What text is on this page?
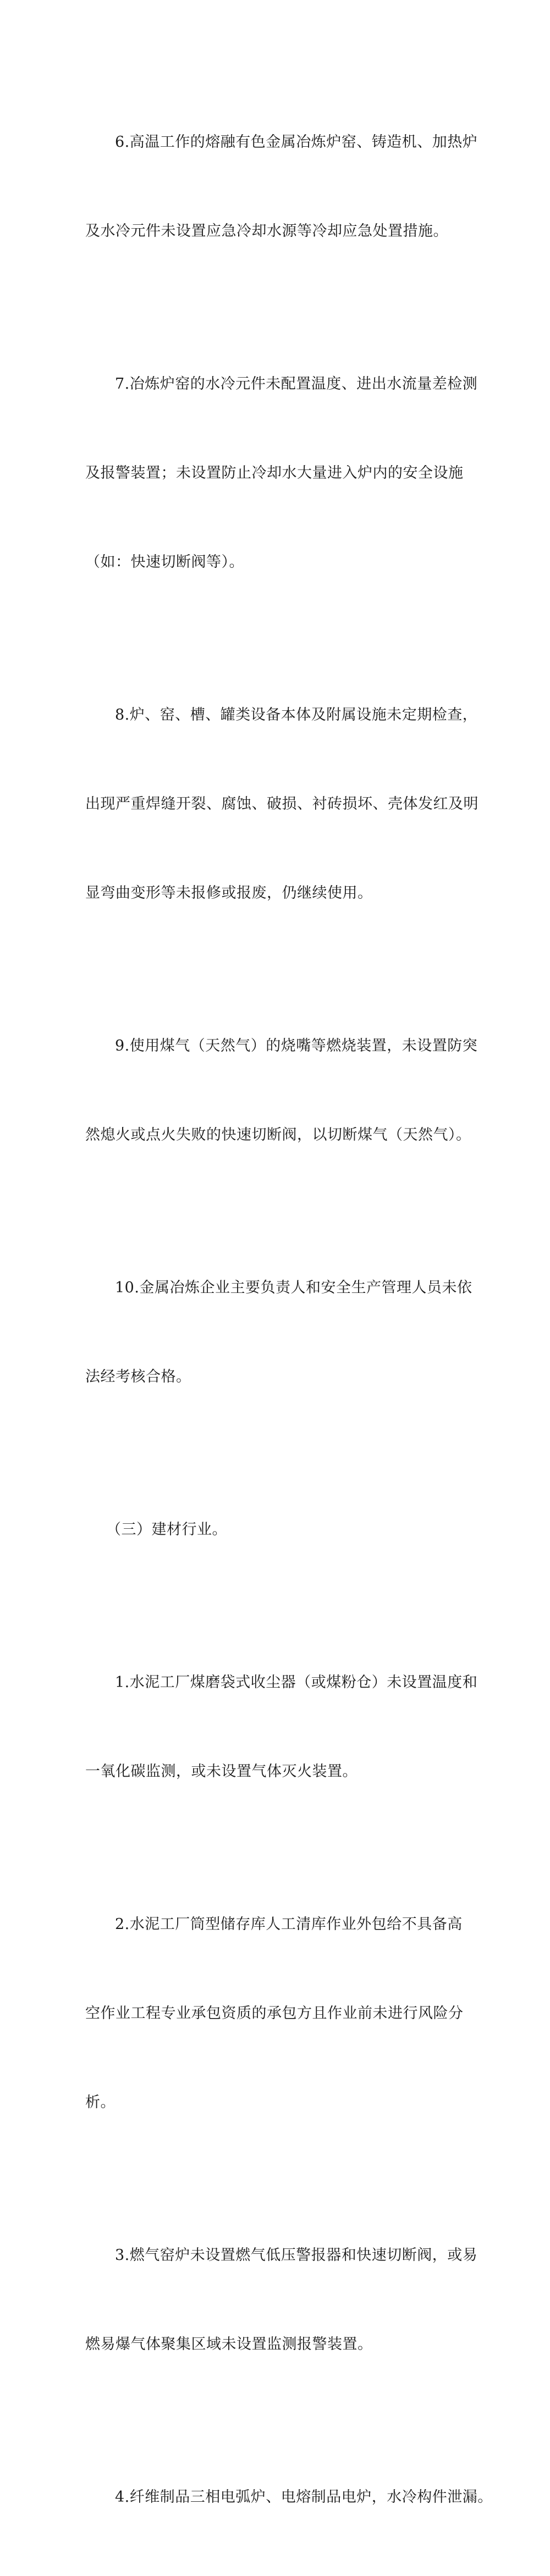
6.高温工作的熔融有色金属冶炼炉窑、铸造机、加热炉

及水冷元件未设置应急冷却水源等冷却应急处置措施。

7.冶炼炉窑的水冷元件未配置温度、进出水流量差检测

及报警装置；未设置防止冷却水大量进入炉内的安全设施

（如：快速切断阀等）。

8.炉、窑、槽、罐类设备本体及附属设施未定期检查，

出现严重焊缝开裂、腐蚀、破损、衬砖损坏、壳体发红及明

显弯曲变形等未报修或报废，仍继续使用。

9.使用煤气（天然气）的烧嘴等燃烧装置，未设置防突

然熄火或点火失败的快速切断阀，以切断煤气（天然气）。

10.金属冶炼企业主要负责人和安全生产管理人员未依

法经考核合格。

（三）建材行业。

1.水泥工厂煤磨袋式收尘器（或煤粉仓）未设置温度和

一氧化碳监测，或未设置气体灭火装置。

2.水泥工厂筒型储存库人工清库作业外包给不具备高

空作业工程专业承包资质的承包方且作业前未进行风险分

析。

3.燃气窑炉未设置燃气低压警报器和快速切断阀，或易

燃易爆气体聚集区域未设置监测报警装置。

4.纤维制品三相电弧炉、电熔制品电炉，水冷构件泄漏。
